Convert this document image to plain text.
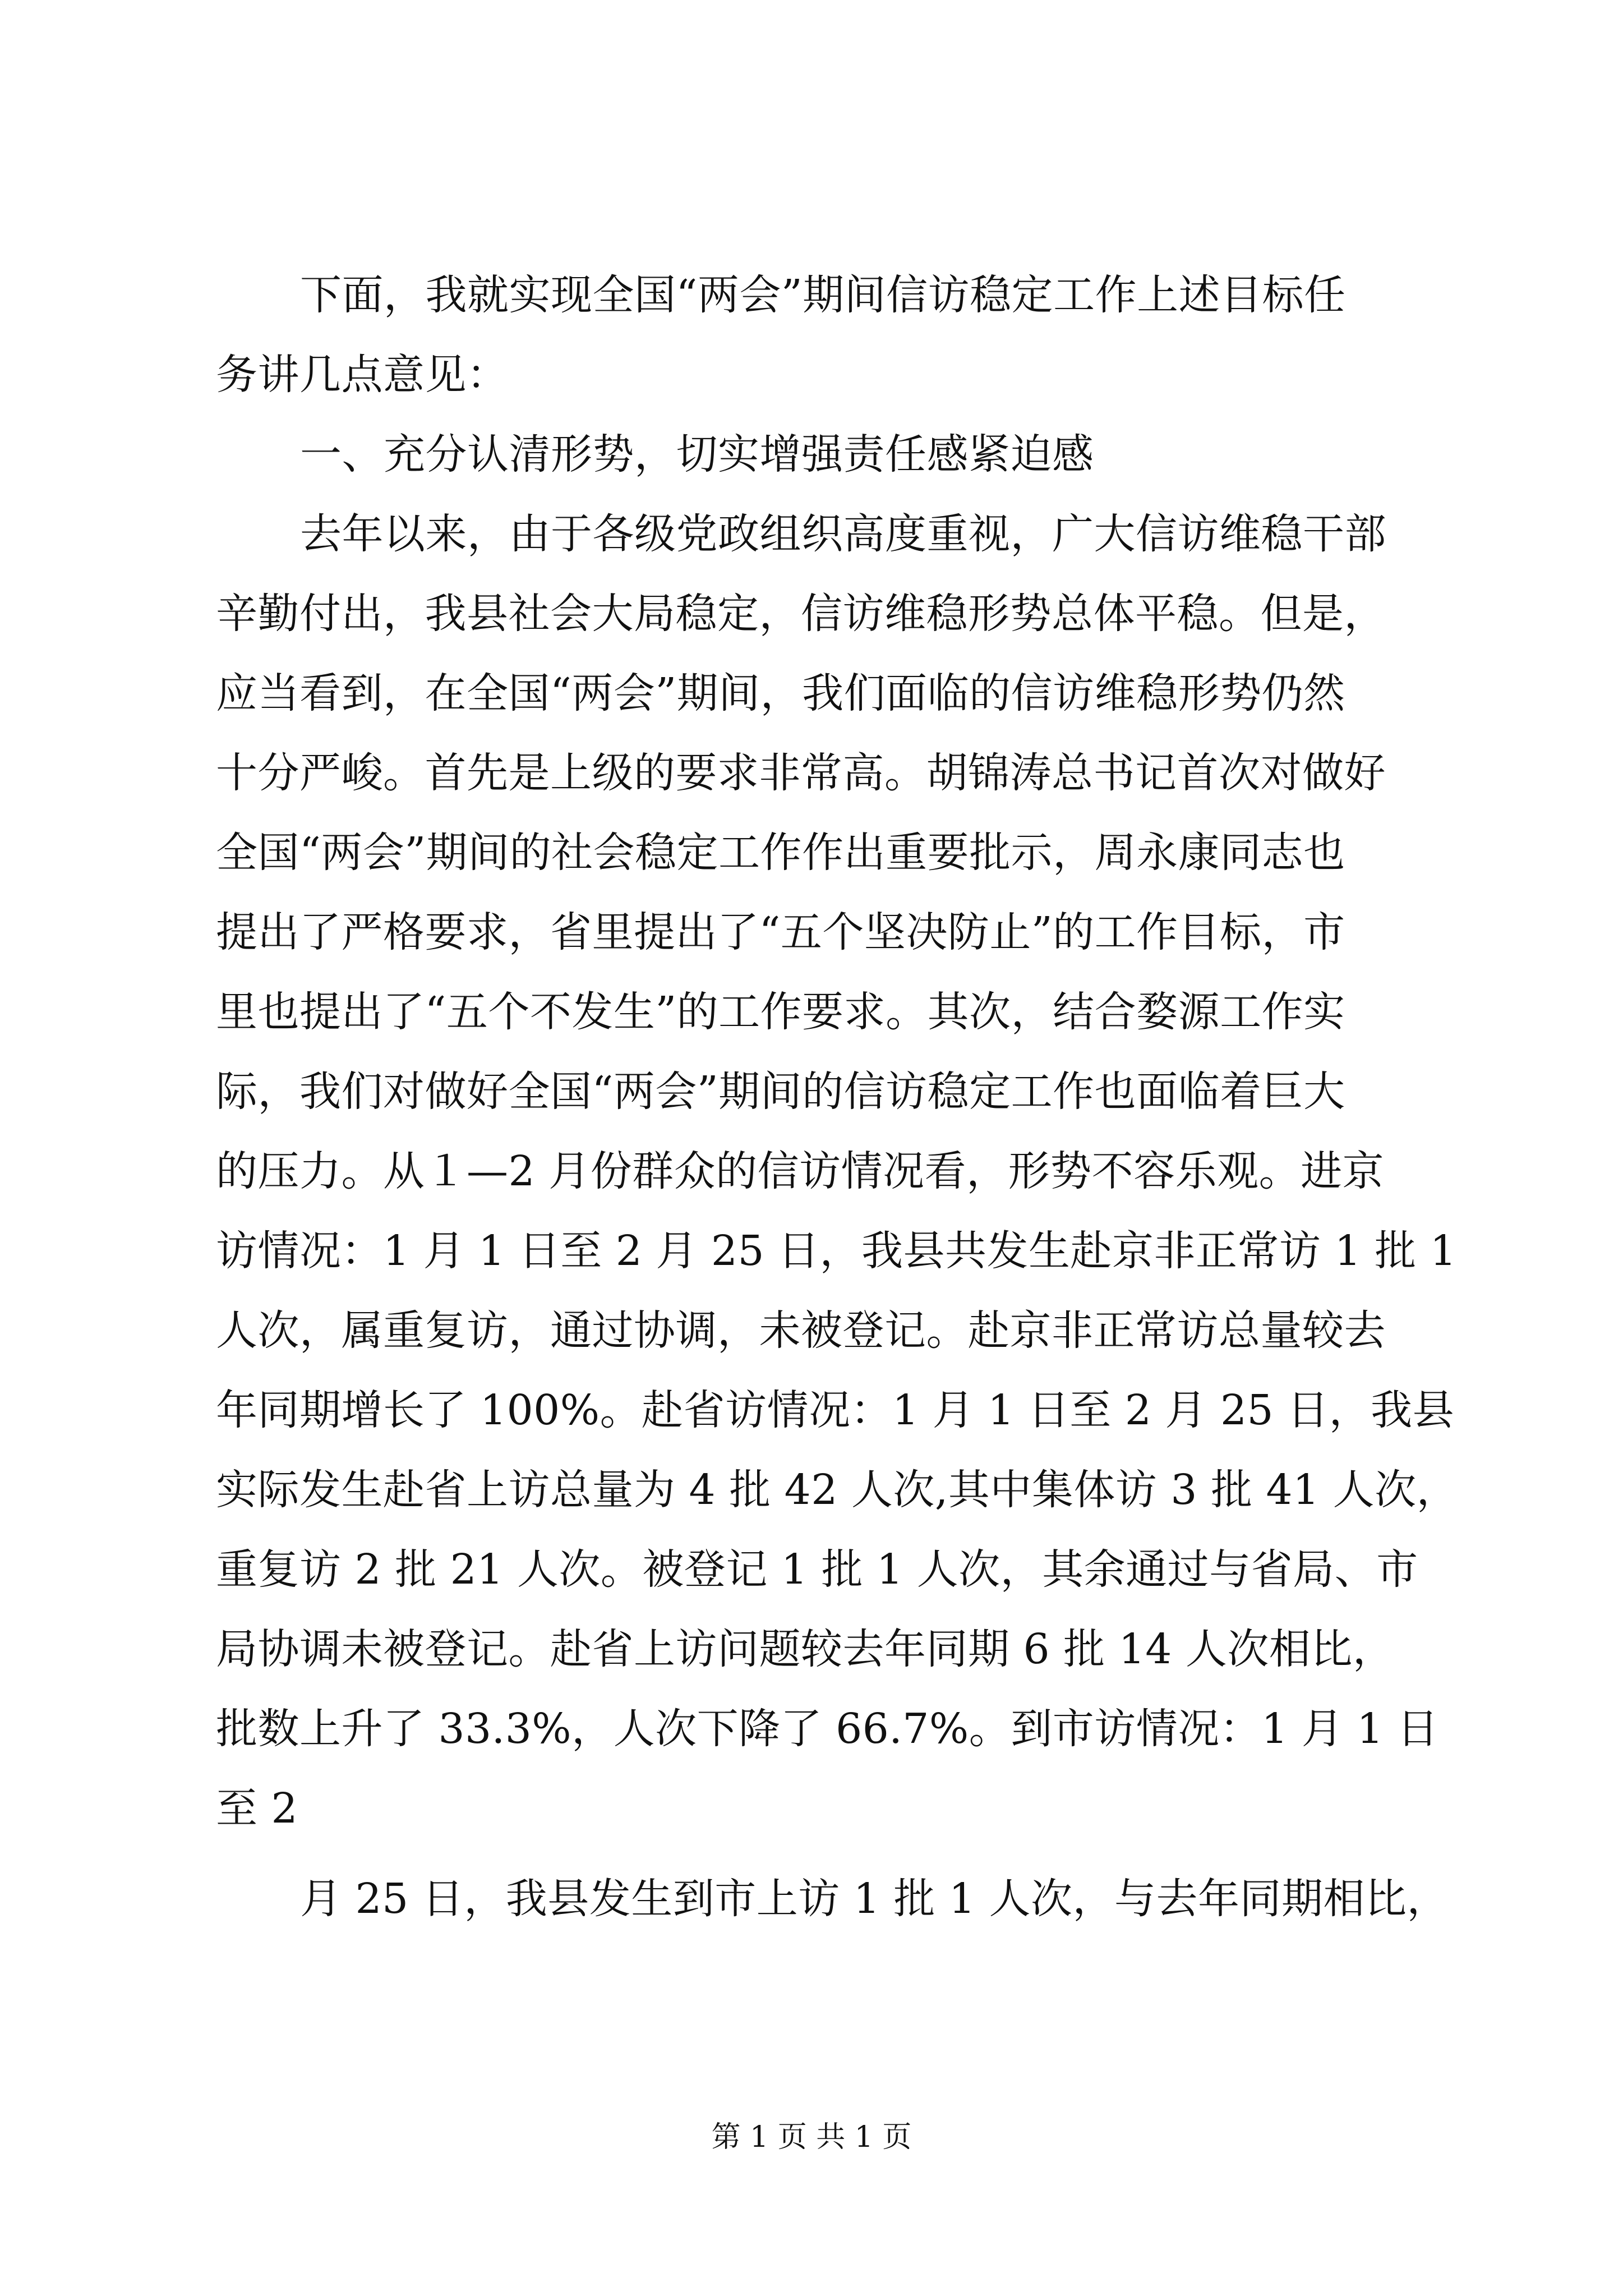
下面，我就实现全国“两会”期间信访稳定工作上述目标任
务讲几点意见：
一、充分认清形势，切实增强责任感紧迫感
去年以来，由于各级党政组织高度重视，广大信访维稳干部
辛勤付出，我县社会大局稳定，信访维稳形势总体平稳。但是，
应当看到，在全国“两会”期间，我们面临的信访维稳形势仍然
十分严峻。首先是上级的要求非常高。胡锦涛总书记首次对做好
全国“两会”期间的社会稳定工作作出重要批示，周永康同志也
提出了严格要求，省里提出了“五个坚决防止”的工作目标，市
里也提出了“五个不发生”的工作要求。其次，结合婺源工作实
际，我们对做好全国“两会”期间的信访稳定工作也面临着巨大
的压力。从１—2 月份群众的信访情况看，形势不容乐观。进京
访情况：1 月 1 日至 2 月 25 日，我县共发生赴京非正常访 1 批 1
人次，属重复访，通过协调，未被登记。赴京非正常访总量较去
年同期增长了 100%。赴省访情况：1 月 1 日至 2 月 25 日，我县
实际发生赴省上访总量为 4 批 42 人次,其中集体访 3 批 41 人次，
重复访 2 批 21 人次。被登记 1 批 1 人次，其余通过与省局、市
局协调未被登记。赴省上访问题较去年同期 6 批 14 人次相比，
批数上升了 33.3%，人次下降了 66.7%。到市访情况：1 月 1 日
至 2
月 25 日，我县发生到市上访 1 批 1 人次，与去年同期相比，
第 1 页 共 1 页
